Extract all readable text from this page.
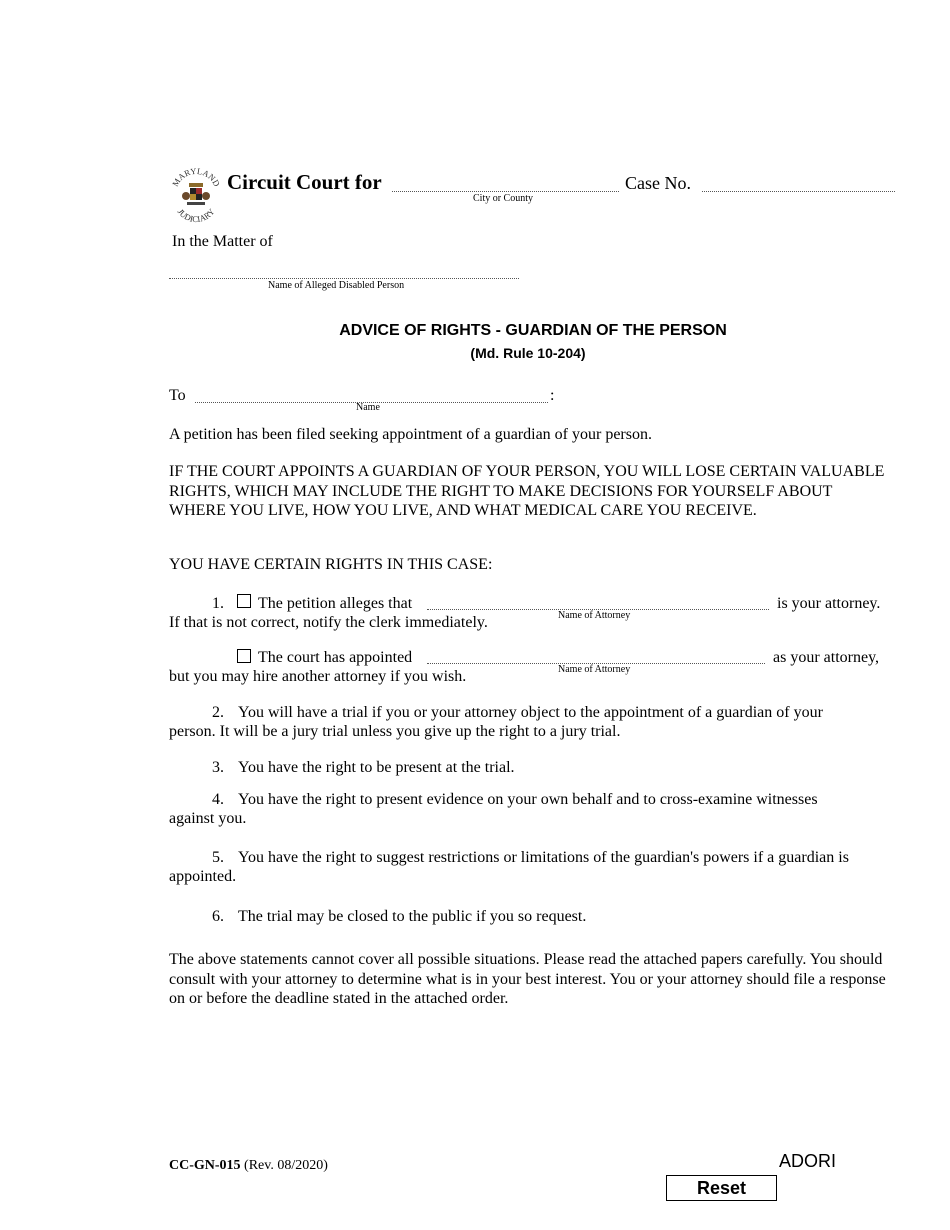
MARYLAND
JUDICIARY
Circuit Court for
City or County
Case No.
In the Matter of
Name of Alleged Disabled Person
ADVICE OF RIGHTS - GUARDIAN OF THE PERSON
(Md. Rule 10-204)
To	:
Name
A petition has been filed seeking appointment of a guardian of your person.
IF THE COURT APPOINTS A GUARDIAN OF YOUR PERSON, YOU WILL LOSE CERTAIN VALUABLE RIGHTS, WHICH MAY INCLUDE THE RIGHT TO MAKE DECISIONS FOR YOURSELF ABOUT WHERE YOU LIVE, HOW YOU LIVE, AND WHAT MEDICAL CARE YOU RECEIVE.
YOU HAVE CERTAIN RIGHTS IN THIS CASE:
1. The petition alleges that	is your attorney.
Name of Attorney
If that is not correct, notify the clerk immediately.
The court has appointed	as your attorney,
Name of Attorney
but you may hire another attorney if you wish.
2. You will have a trial if you or your attorney object to the appointment of a guardian of your
person. It will be a jury trial unless you give up the right to a jury trial.
3. You have the right to be present at the trial.
4. You have the right to present evidence on your own behalf and to cross-examine witnesses
against you.
5. You have the right to suggest restrictions or limitations of the guardian's powers if a guardian is
appointed.
6. The trial may be closed to the public if you so request.
The above statements cannot cover all possible situations. Please read the attached papers carefully. You should consult with your attorney to determine what is in your best interest. You or your attorney should file a response on or before the deadline stated in the attached order.
CC-GN-015 (Rev. 08/2020)	ADORI
Reset
